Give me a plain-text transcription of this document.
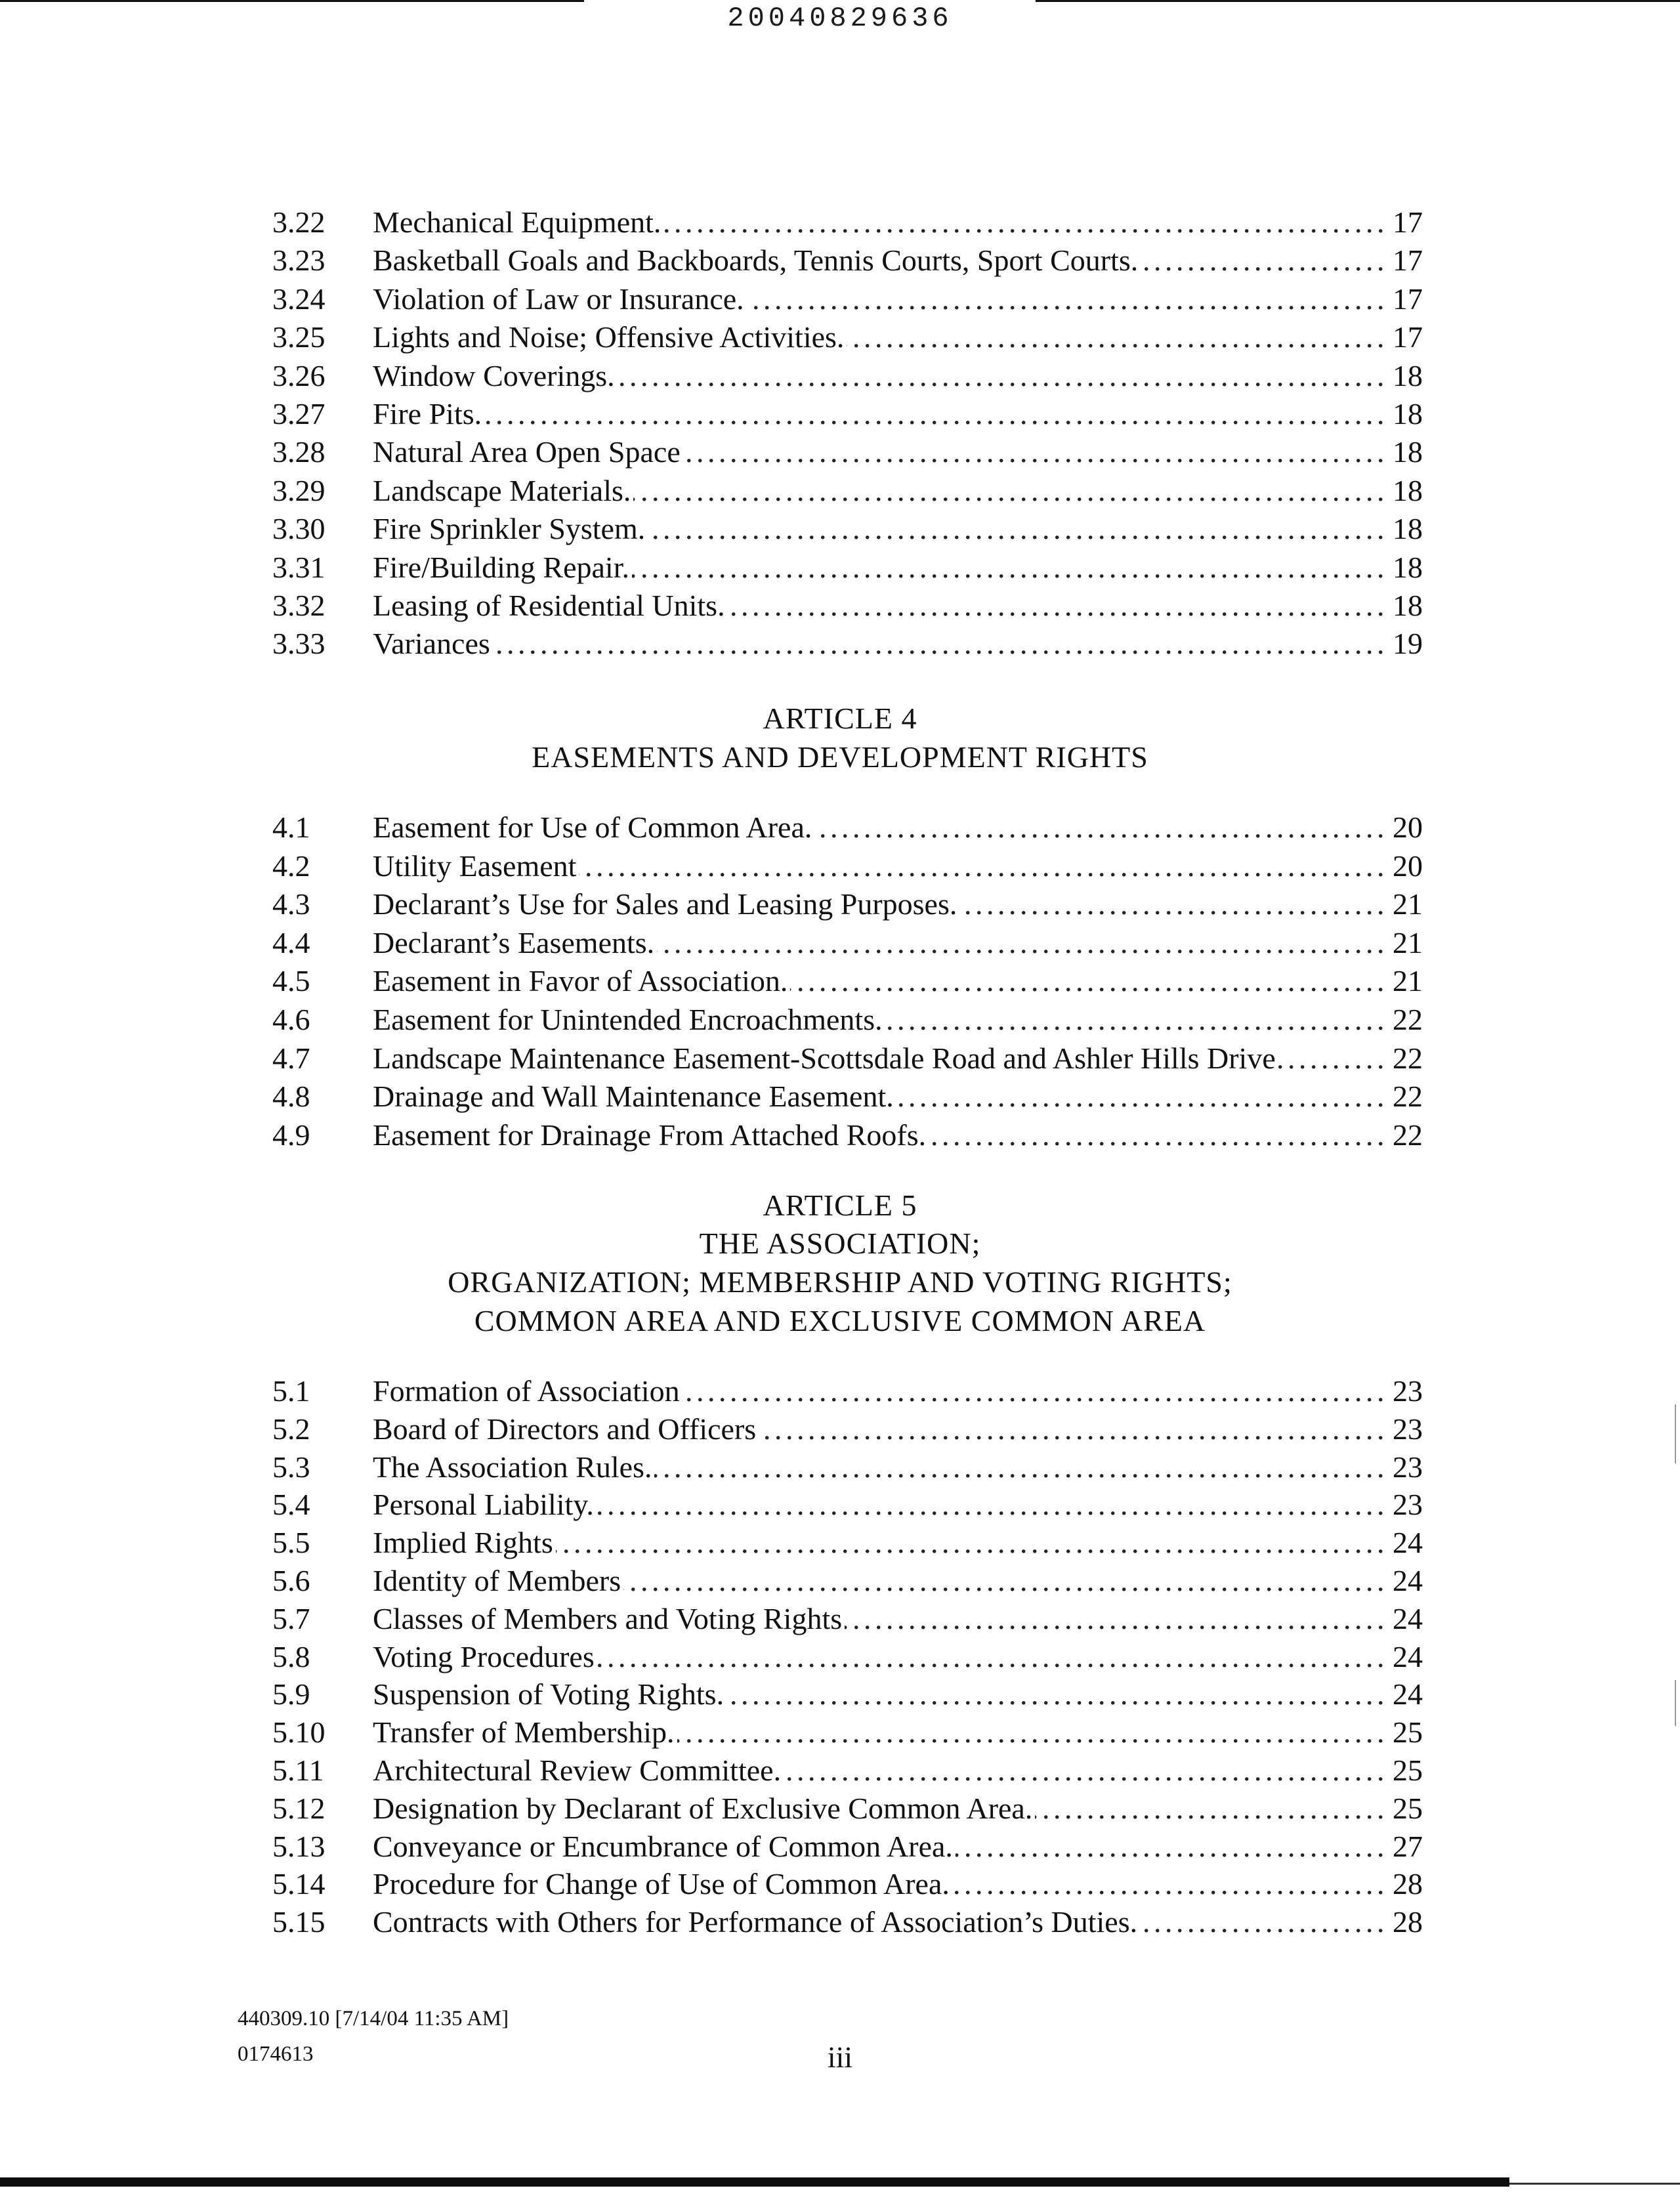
20040829636
3.22 Mechanical Equipment. . . .	17
3.23 Basketball Goals and Backboards, Tennis Courts, Sport Courts. . . .	17
3.24 Violation of Law or Insurance. . . .	17
3.25 Lights and Noise; Offensive Activities. . . .	17
3.26 Window Coverings. . . .	18
3.27 Fire Pits. . . .	18
3.28 Natural Area Open Space . . .	18
3.29 Landscape Materials. . . .	18
3.30 Fire Sprinkler System. . . .	18
3.31 Fire/Building Repair. . . .	18
3.32 Leasing of Residential Units. . . .	18
3.33 Variances . . .	19
ARTICLE 4
EASEMENTS AND DEVELOPMENT RIGHTS
4.1 Easement for Use of Common Area. . . .	20
4.2 Utility Easement . . .	20
4.3 Declarant’s Use for Sales and Leasing Purposes. . . .	21
4.4 Declarant’s Easements. . . .	21
4.5 Easement in Favor of Association. . . .	21
4.6 Easement for Unintended Encroachments. . . .	22
4.7 Landscape Maintenance Easement-Scottsdale Road and Ashler Hills Drive . . .	22
4.8 Drainage and Wall Maintenance Easement. . . .	22
4.9 Easement for Drainage From Attached Roofs. . . .	22
ARTICLE 5
THE ASSOCIATION;
ORGANIZATION; MEMBERSHIP AND VOTING RIGHTS;
COMMON AREA AND EXCLUSIVE COMMON AREA
5.1 Formation of Association . . .	23
5.2 Board of Directors and Officers . . .	23
5.3 The Association Rules. . . .	23
5.4 Personal Liability. . . .	23
5.5 Implied Rights . . .	24
5.6 Identity of Members . . .	24
5.7 Classes of Members and Voting Rights . . .	24
5.8 Voting Procedures . . .	24
5.9 Suspension of Voting Rights. . . .	24
5.10 Transfer of Membership. . . .	25
5.11 Architectural Review Committee. . . .	25
5.12 Designation by Declarant of Exclusive Common Area. . . .	25
5.13 Conveyance or Encumbrance of Common Area. . . .	27
5.14 Procedure for Change of Use of Common Area. . . .	28
5.15 Contracts with Others for Performance of Association’s Duties. . . .	28
440309.10 [7/14/04 11:35 AM]
0174613	iii
